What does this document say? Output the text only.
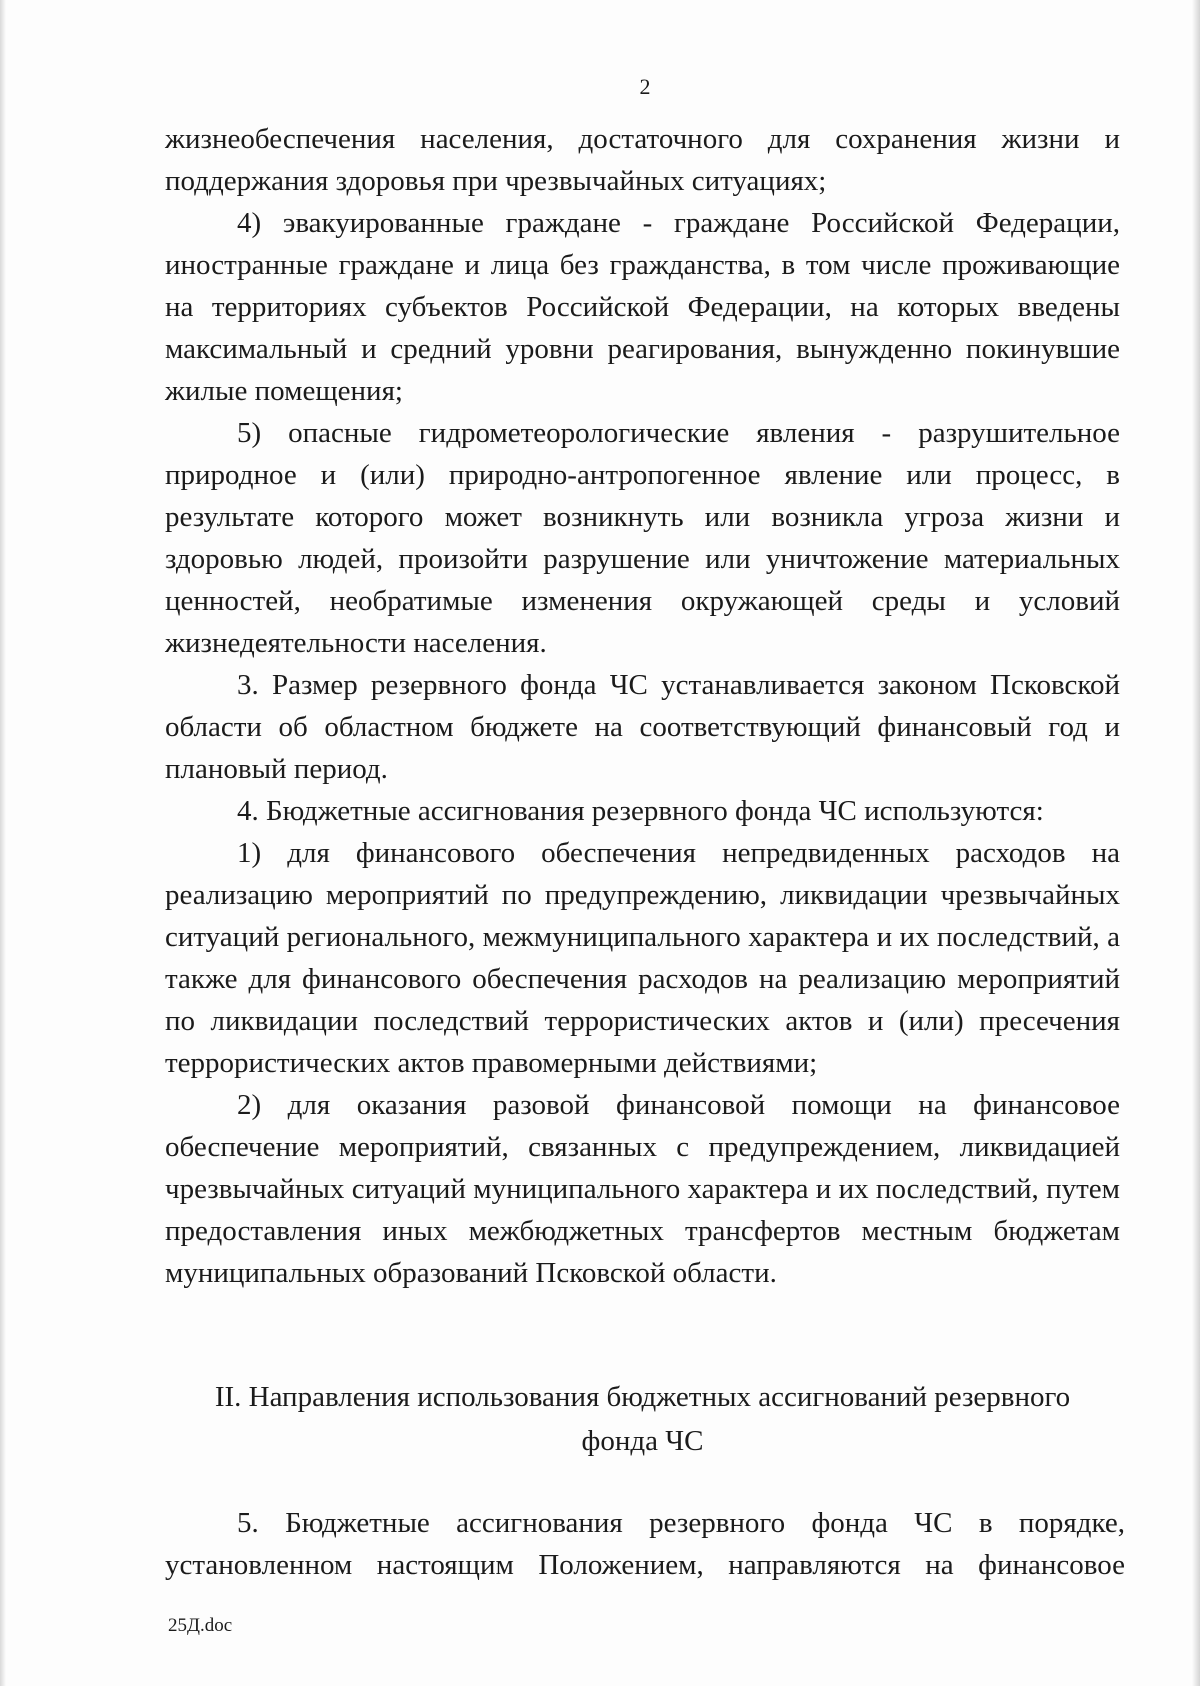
2

жизнеобеспечения населения, достаточного для сохранения жизни и поддержания здоровья при чрезвычайных ситуациях;

4) эвакуированные граждане - граждане Российской Федерации, иностранные граждане и лица без гражданства, в том числе проживающие на территориях субъектов Российской Федерации, на которых введены максимальный и средний уровни реагирования, вынужденно покинувшие жилые помещения;

5) опасные гидрометеорологические явления - разрушительное природное и (или) природно-антропогенное явление или процесс, в результате которого может возникнуть или возникла угроза жизни и здоровью людей, произойти разрушение или уничтожение материальных ценностей, необратимые изменения окружающей среды и условий жизнедеятельности населения.

3. Размер резервного фонда ЧС устанавливается законом Псковской области об областном бюджете на соответствующий финансовый год и плановый период.

4. Бюджетные ассигнования резервного фонда ЧС используются:

1) для финансового обеспечения непредвиденных расходов на реализацию мероприятий по предупреждению, ликвидации чрезвычайных ситуаций регионального, межмуниципального характера и их последствий, а также для финансового обеспечения расходов на реализацию мероприятий по ликвидации последствий террористических актов и (или) пресечения террористических актов правомерными действиями;

2) для оказания разовой финансовой помощи на финансовое обеспечение мероприятий, связанных с предупреждением, ликвидацией чрезвычайных ситуаций муниципального характера и их последствий, путем предоставления иных межбюджетных трансфертов местным бюджетам муниципальных образований Псковской области.

II. Направления использования бюджетных ассигнований резервного
фонда ЧС

5. Бюджетные ассигнования резервного фонда ЧС в порядке, установленном настоящим Положением, направляются на финансовое

25Д.doc
